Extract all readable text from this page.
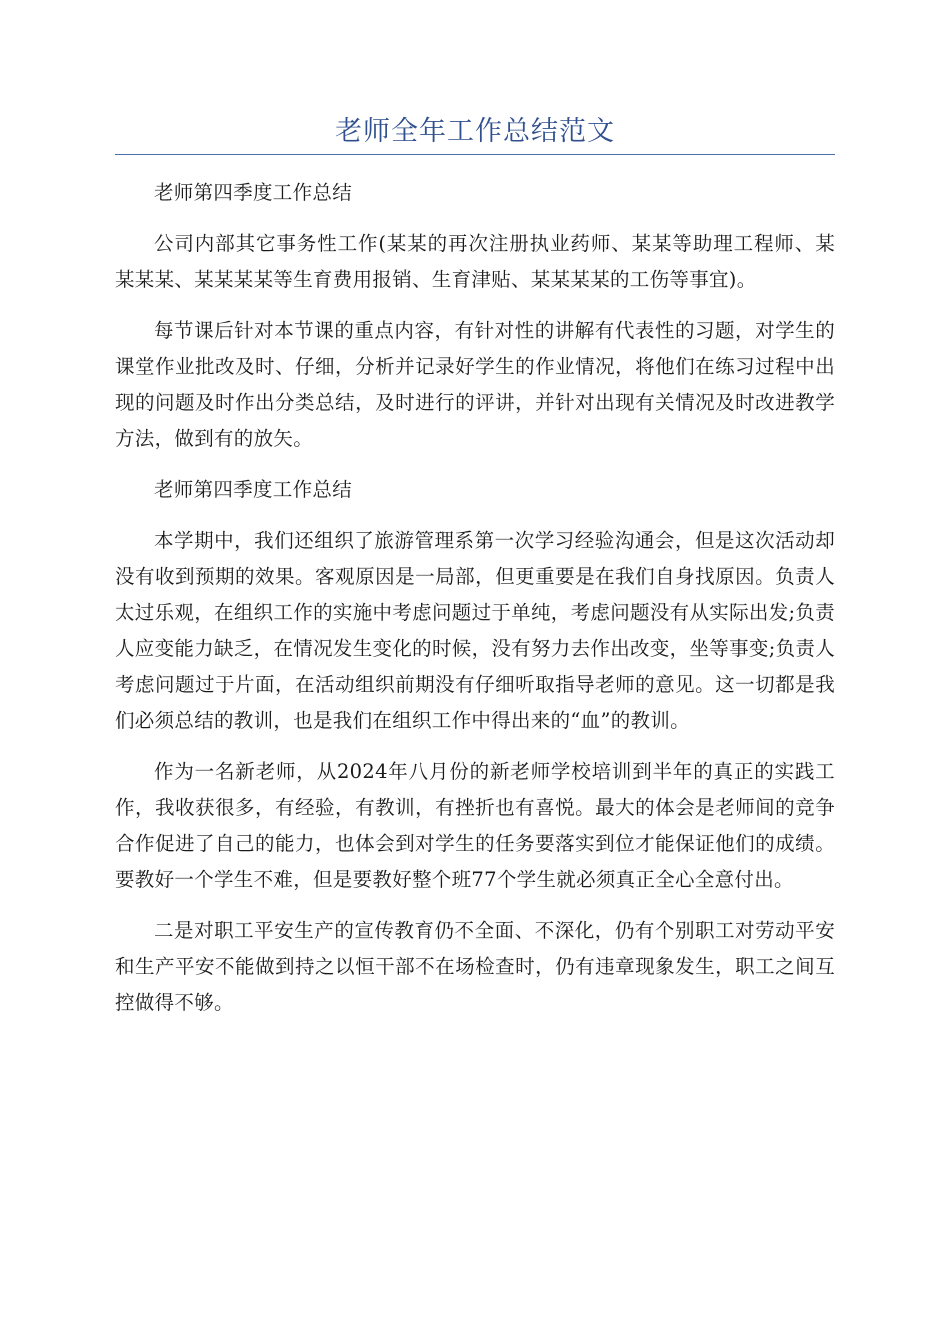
老师全年工作总结范文

老师第四季度工作总结

公司内部其它事务性工作(某某的再次注册执业药师、某某等助理工程师、某某某某、某某某某等生育费用报销、生育津贴、某某某某的工伤等事宜)。

每节课后针对本节课的重点内容，有针对性的讲解有代表性的习题，对学生的课堂作业批改及时、仔细，分析并记录好学生的作业情况，将他们在练习过程中出现的问题及时作出分类总结，及时进行的评讲，并针对出现有关情况及时改进教学方法，做到有的放矢。

老师第四季度工作总结

本学期中，我们还组织了旅游管理系第一次学习经验沟通会，但是这次活动却没有收到预期的效果。客观原因是一局部，但更重要是在我们自身找原因。负责人太过乐观，在组织工作的实施中考虑问题过于单纯，考虑问题没有从实际出发;负责人应变能力缺乏，在情况发生变化的时候，没有努力去作出改变，坐等事变;负责人考虑问题过于片面，在活动组织前期没有仔细听取指导老师的意见。这一切都是我们必须总结的教训，也是我们在组织工作中得出来的“血”的教训。

作为一名新老师，从2024年八月份的新老师学校培训到半年的真正的实践工作，我收获很多，有经验，有教训，有挫折也有喜悦。最大的体会是老师间的竞争合作促进了自己的能力，也体会到对学生的任务要落实到位才能保证他们的成绩。要教好一个学生不难，但是要教好整个班77个学生就必须真正全心全意付出。

二是对职工平安生产的宣传教育仍不全面、不深化，仍有个别职工对劳动平安和生产平安不能做到持之以恒干部不在场检查时，仍有违章现象发生，职工之间互控做得不够。
